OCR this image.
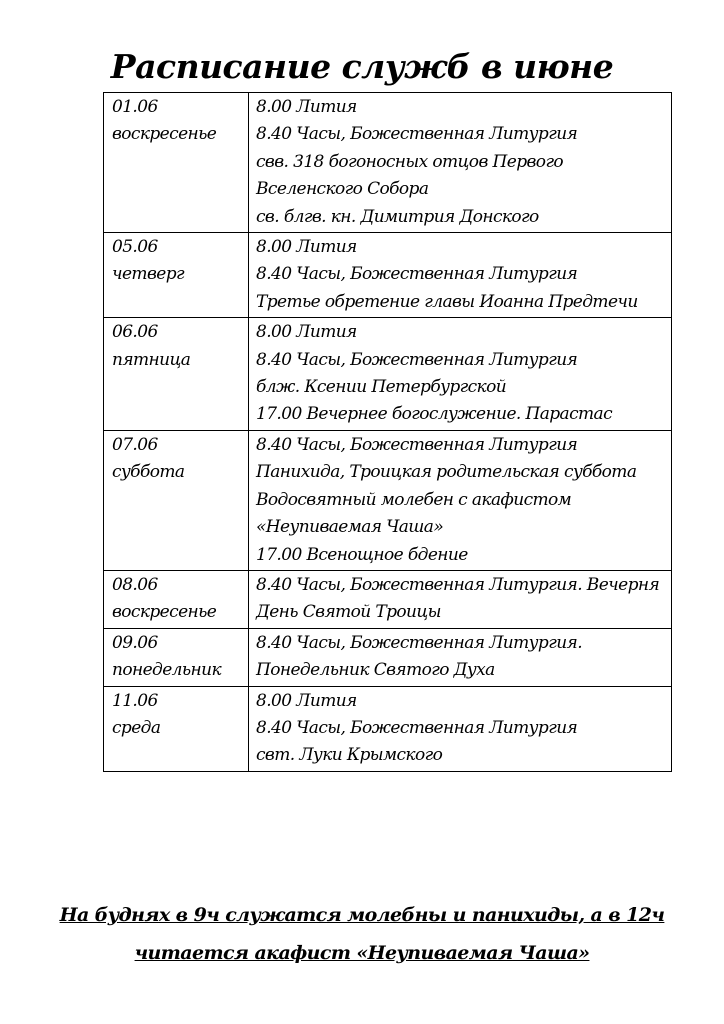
Расписание служб в июне
01.06
воскресенье	8.00 Лития
8.40 Часы, Божественная Литургия
свв. 318 богоносных отцов Первого
Вселенского Собора
св. блгв. кн. Димитрия Донского

05.06
четверг	8.00 Лития
8.40 Часы, Божественная Литургия
Третье обретение главы Иоанна Предтечи

06.06
пятница	8.00 Лития
8.40 Часы, Божественная Литургия
блж. Ксении Петербургской
17.00 Вечернее богослужение. Парастас

07.06
суббота	8.40 Часы, Божественная Литургия
Панихида, Троицкая родительская суббота
Водосвятный молебен с акафистом
«Неупиваемая Чаша»
17.00 Всенощное бдение

08.06
воскресенье	8.40 Часы, Божественная Литургия. Вечерня
День Святой Троицы

09.06
понедельник	8.40 Часы, Божественная Литургия.
Понедельник Святого Духа

11.06
среда	8.00 Лития
8.40 Часы, Божественная Литургия
свт. Луки Крымского
На буднях в 9ч служатся молебны и панихиды, а в 12ч
читается акафист «Неупиваемая Чаша»
